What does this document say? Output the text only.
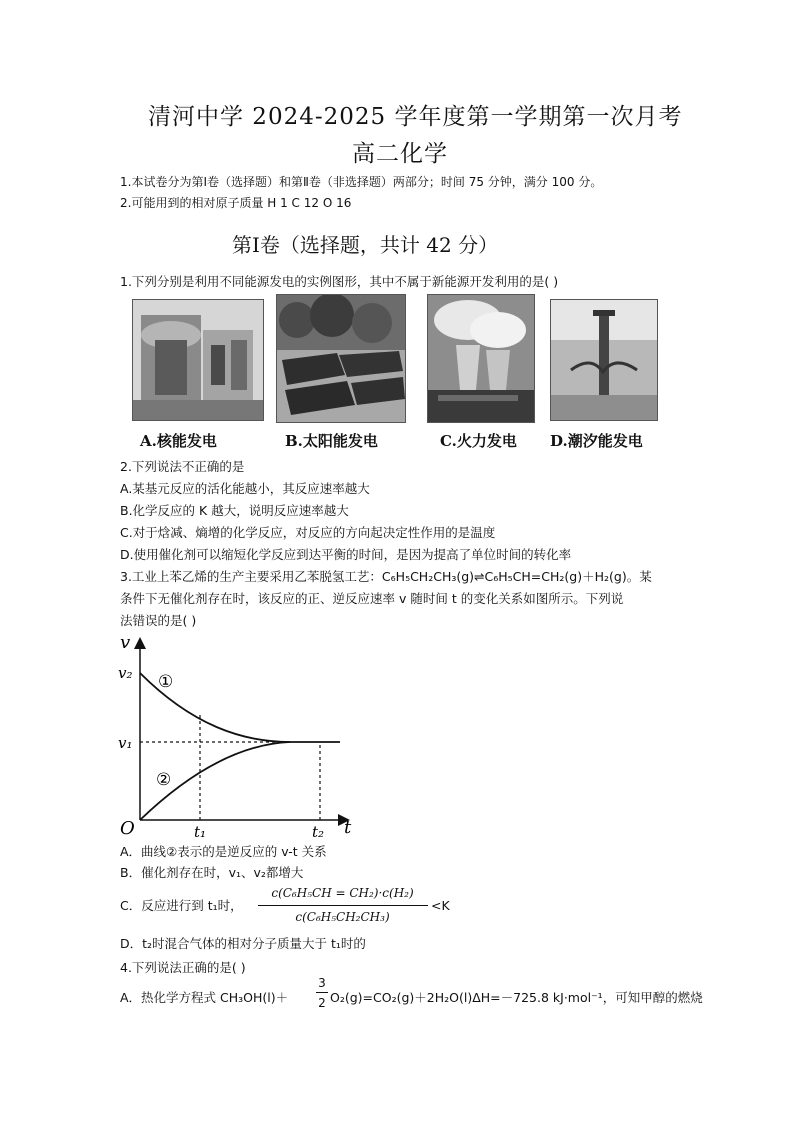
清河中学 2024-2025 学年度第一学期第一次月考
高二化学
1.本试卷分为第Ⅰ卷（选择题）和第Ⅱ卷（非选择题）两部分；时间 75 分钟，满分 100 分。
2.可能用到的相对原子质量 H 1 C 12 O 16
第Ⅰ卷（选择题，共计 42 分）
1.下列分别是利用不同能源发电的实例图形，其中不属于新能源开发利用的是( )
A.核能发电	B.太阳能发电	C.火力发电 D.潮汐能发电
2.下列说法不正确的是
A.某基元反应的活化能越小，其反应速率越大
B.化学反应的 K 越大，说明反应速率越大
C.对于焓减、熵增的化学反应，对反应的方向起决定性作用的是温度
D.使用催化剂可以缩短化学反应到达平衡的时间，是因为提高了单位时间的转化率
3.工业上苯乙烯的生产主要采用乙苯脱氢工艺：C₆H₅CH₂CH₃(g)⇌C₆H₅CH=CH₂(g)＋H₂(g)。某
条件下无催化剂存在时，该反应的正、逆反应速率 v 随时间 t 的变化关系如图所示。下列说
法错误的是( )
v
v₂
v₁
①
②
O	t₁	t₂ t
A．曲线②表示的是逆反应的 v-t 关系
B．催化剂存在时，v₁、v₂都增大
C．反应进行到 t₁时，
c(C₆H₅CH = CH₂)·c(H₂)
c(C₆H₅CH₂CH₃)
<K
D．t₂时混合气体的相对分子质量大于 t₁时的
4.下列说法正确的是( )
A．热化学方程式 CH₃OH(l)＋
3
2 O₂(g)=CO₂(g)＋2H₂O(l)ΔH=－725.8 kJ·mol⁻¹，可知甲醇的燃烧
